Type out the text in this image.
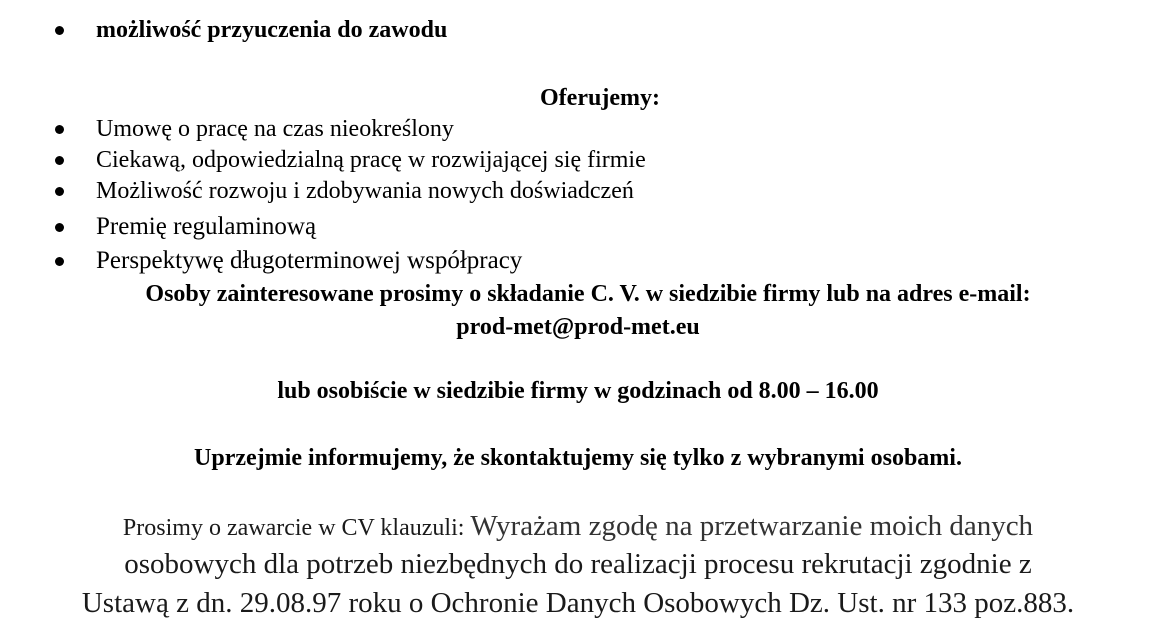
możliwość przyuczenia do zawodu
Oferujemy:
Umowę o pracę na czas nieokreślony
Ciekawą, odpowiedzialną pracę w rozwijającej się firmie
Możliwość rozwoju i zdobywania nowych doświadczeń
Premię regulaminową
Perspektywę długoterminowej współpracy
Osoby zainteresowane prosimy o składanie C. V. w siedzibie firmy lub na adres e-mail:
prod-met@prod-met.eu
lub osobiście w siedzibie firmy w godzinach od 8.00 – 16.00
Uprzejmie informujemy, że skontaktujemy się tylko z wybranymi osobami.
Prosimy o zawarcie w CV klauzuli: Wyrażam zgodę na przetwarzanie moich danych
osobowych dla potrzeb niezbędnych do realizacji procesu rekrutacji zgodnie z
Ustawą z dn. 29.08.97 roku o Ochronie Danych Osobowych Dz. Ust. nr 133 poz.883.
